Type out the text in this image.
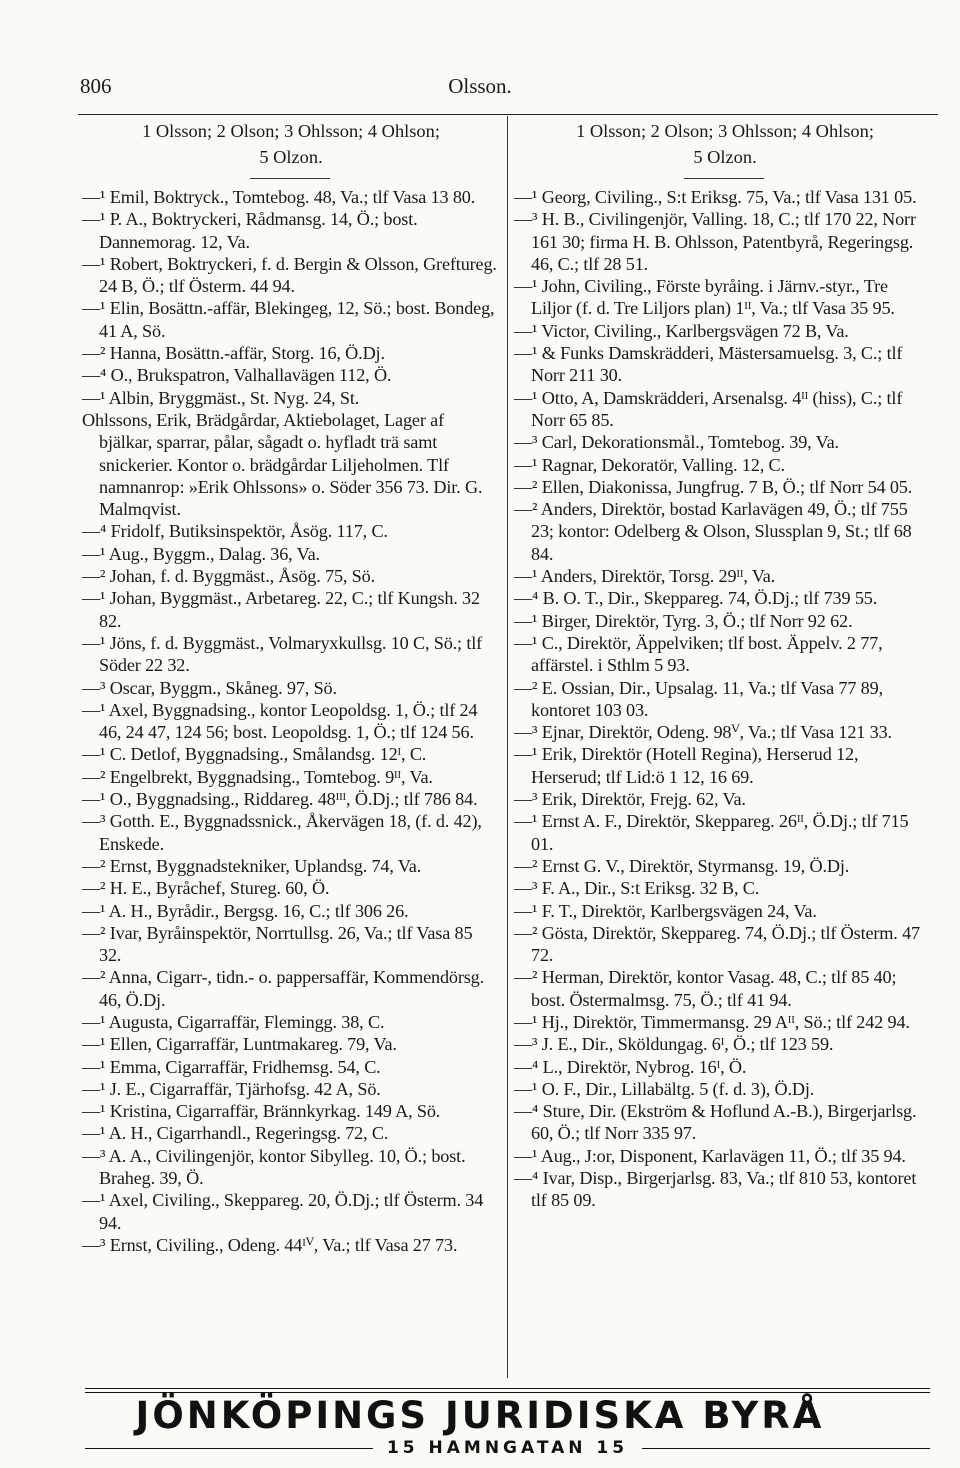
806	Olsson.
1 Olsson; 2 Olson; 3 Ohlsson; 4 Ohlson;
5 Olzon.
1 Olsson; 2 Olson; 3 Ohlsson; 4 Ohlson;
5 Olzon.

—¹ Emil, Boktryck., Tomtebog. 48, Va.; tlf Vasa 13 80.

—¹ P. A., Boktryckeri, Rådmansg. 14, Ö.; bost. Dannemorag. 12, Va.

—¹ Robert, Boktryckeri, f. d. Bergin & Olsson, Greftureg. 24 B, Ö.; tlf Österm. 44 94.

—¹ Elin, Bosättn.-affär, Blekingeg, 12, Sö.; bost. Bondeg, 41 A, Sö.

—² Hanna, Bosättn.-affär, Storg. 16, Ö.Dj.

—⁴ O., Brukspatron, Valhallavägen 112, Ö.

—¹ Albin, Bryggmäst., St. Nyg. 24, St.

Ohlssons, Erik, Brädgårdar, Aktiebolaget, Lager af bjälkar, sparrar, pålar, sågadt o. hyfladt trä samt snickerier. Kontor o. brädgårdar Liljeholmen. Tlf namnanrop: »Erik Ohlssons» o. Söder 356 73. Dir. G. Malmqvist.

—⁴ Fridolf, Butiksinspektör, Åsög. 117, C.

—¹ Aug., Byggm., Dalag. 36, Va.

—² Johan, f. d. Byggmäst., Åsög. 75, Sö.

—¹ Johan, Byggmäst., Arbetareg. 22, C.; tlf Kungsh. 32 82.

—¹ Jöns, f. d. Byggmäst., Volmaryxkullsg. 10 C, Sö.; tlf Söder 22 32.

—³ Oscar, Byggm., Skåneg. 97, Sö.

—¹ Axel, Byggnadsing., kontor Leopoldsg. 1, Ö.; tlf 24 46, 24 47, 124 56; bost. Leopoldsg. 1, Ö.; tlf 124 56.

—¹ C. Detlof, Byggnadsing., Smålandsg. 12ᴵ, C.

—² Engelbrekt, Byggnadsing., Tomtebog. 9ᴵᴵ, Va.

—¹ O., Byggnadsing., Riddareg. 48ᴵᴵᴵ, Ö.Dj.; tlf 786 84.

—³ Gotth. E., Byggnadssnick., Åkervägen 18, (f. d. 42), Enskede.

—² Ernst, Byggnadstekniker, Uplandsg. 74, Va.

—² H. E., Byråchef, Stureg. 60, Ö.

—¹ A. H., Byrådir., Bergsg. 16, C.; tlf 306 26.

—² Ivar, Byråinspektör, Norrtullsg. 26, Va.; tlf Vasa 85 32.

—² Anna, Cigarr-, tidn.- o. pappersaffär, Kommendörsg. 46, Ö.Dj.

—¹ Augusta, Cigarraffär, Flemingg. 38, C.

—¹ Ellen, Cigarraffär, Luntmakareg. 79, Va.

—¹ Emma, Cigarraffär, Fridhemsg. 54, C.

—¹ J. E., Cigarraffär, Tjärhofsg. 42 A, Sö.

—¹ Kristina, Cigarraffär, Brännkyrkag. 149 A, Sö.

—¹ A. H., Cigarrhandl., Regeringsg. 72, C.

—³ A. A., Civilingenjör, kontor Sibylleg. 10, Ö.; bost. Braheg. 39, Ö.

—¹ Axel, Civiling., Skeppareg. 20, Ö.Dj.; tlf Österm. 34 94.

—³ Ernst, Civiling., Odeng. 44ᴵⱽ, Va.; tlf Vasa 27 73.

—¹ Georg, Civiling., S:t Eriksg. 75, Va.; tlf Vasa 131 05.

—³ H. B., Civilingenjör, Valling. 18, C.; tlf 170 22, Norr 161 30; firma H. B. Ohlsson, Patentbyrå, Regeringsg. 46, C.; tlf 28 51.

—¹ John, Civiling., Förste byråing. i Järnv.-styr., Tre Liljor (f. d. Tre Liljors plan) 1ᴵᴵ, Va.; tlf Vasa 35 95.

—¹ Victor, Civiling., Karlbergsvägen 72 B, Va.

—¹ & Funks Damskrädderi, Mästersamuelsg. 3, C.; tlf Norr 211 30.

—¹ Otto, A, Damskrädderi, Arsenalsg. 4ᴵᴵ (hiss), C.; tlf Norr 65 85.

—³ Carl, Dekorationsmål., Tomtebog. 39, Va.

—¹ Ragnar, Dekoratör, Valling. 12, C.

—² Ellen, Diakonissa, Jungfrug. 7 B, Ö.; tlf Norr 54 05.

—² Anders, Direktör, bostad Karlavägen 49, Ö.; tlf 755 23; kontor: Odelberg & Olson, Slussplan 9, St.; tlf 68 84.

—¹ Anders, Direktör, Torsg. 29ᴵᴵ, Va.

—⁴ B. O. T., Dir., Skeppareg. 74, Ö.Dj.; tlf 739 55.

—¹ Birger, Direktör, Tyrg. 3, Ö.; tlf Norr 92 62.

—¹ C., Direktör, Äppelviken; tlf bost. Äppelv. 2 77, affärstel. i Sthlm 5 93.

—² E. Ossian, Dir., Upsalag. 11, Va.; tlf Vasa 77 89, kontoret 103 03.

—³ Ejnar, Direktör, Odeng. 98ⱽ, Va.; tlf Vasa 121 33.

—¹ Erik, Direktör (Hotell Regina), Herserud 12, Herserud; tlf Lid:ö 1 12, 16 69.

—³ Erik, Direktör, Frejg. 62, Va.

—¹ Ernst A. F., Direktör, Skeppareg. 26ᴵᴵ, Ö.Dj.; tlf 715 01.

—² Ernst G. V., Direktör, Styrmansg. 19, Ö.Dj.

—³ F. A., Dir., S:t Eriksg. 32 B, C.

—¹ F. T., Direktör, Karlbergsvägen 24, Va.

—² Gösta, Direktör, Skeppareg. 74, Ö.Dj.; tlf Österm. 47 72.

—² Herman, Direktör, kontor Vasag. 48, C.; tlf 85 40; bost. Östermalmsg. 75, Ö.; tlf 41 94.

—¹ Hj., Direktör, Timmermansg. 29 Aᴵᴵ, Sö.; tlf 242 94.

—³ J. E., Dir., Sköldungag. 6ᴵ, Ö.; tlf 123 59.

—⁴ L., Direktör, Nybrog. 16ᴵ, Ö.

—¹ O. F., Dir., Lillabältg. 5 (f. d. 3), Ö.Dj.

—⁴ Sture, Dir. (Ekström & Hoflund A.-B.), Birgerjarlsg. 60, Ö.; tlf Norr 335 97.

—¹ Aug., J:or, Disponent, Karlavägen 11, Ö.; tlf 35 94.

—⁴ Ivar, Disp., Birgerjarlsg. 83, Va.; tlf 810 53, kontoret tlf 85 09.

JÖNKÖPINGS JURIDISKA BYRÅ
15 HAMNGATAN 15
